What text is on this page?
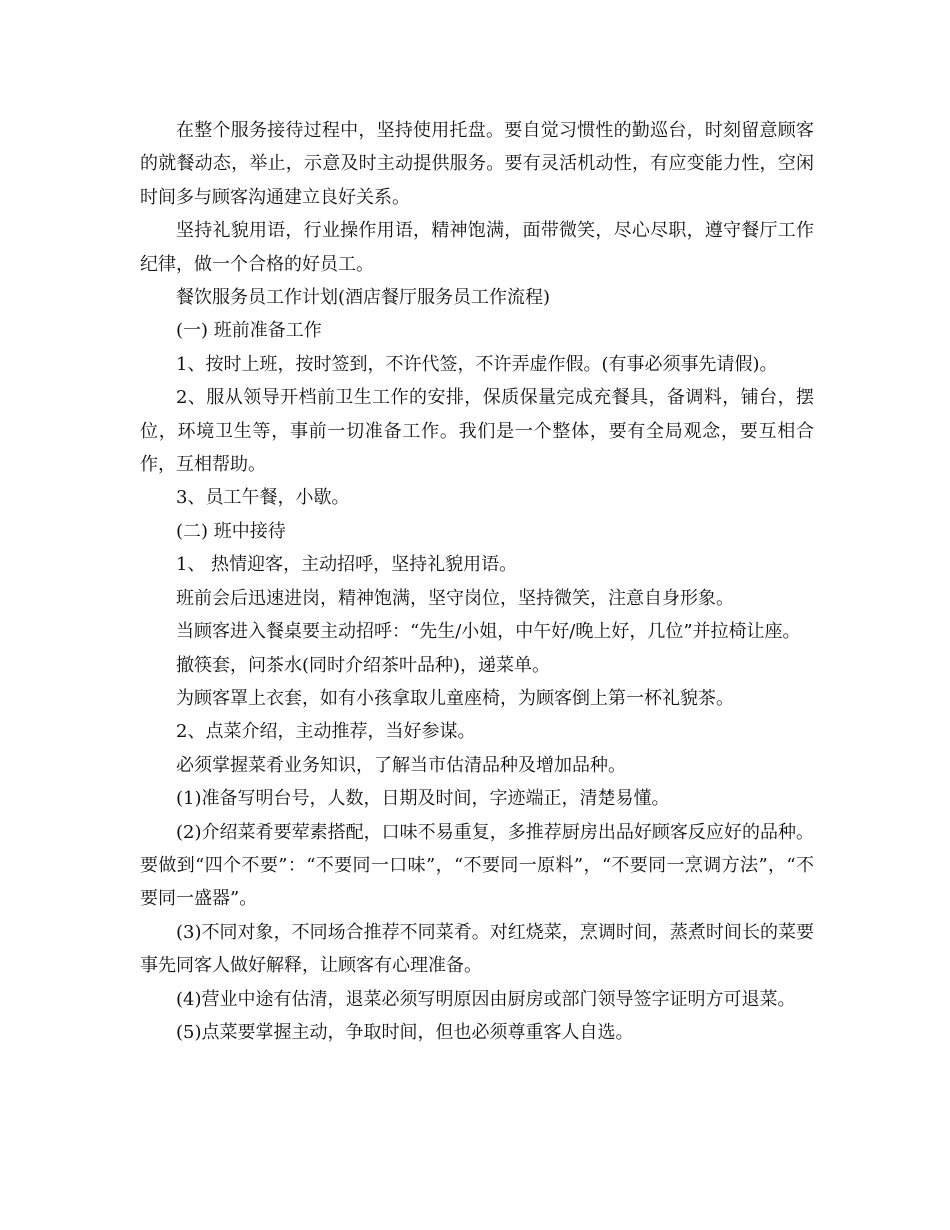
在整个服务接待过程中，坚持使用托盘。要自觉习惯性的勤巡台，时刻留意顾客的就餐动态，举止，示意及时主动提供服务。要有灵活机动性，有应变能力性，空闲时间多与顾客沟通建立良好关系。

坚持礼貌用语，行业操作用语，精神饱满，面带微笑，尽心尽职，遵守餐厅工作纪律，做一个合格的好员工。

餐饮服务员工作计划(酒店餐厅服务员工作流程)

(一) 班前准备工作

1、按时上班，按时签到，不许代签，不许弄虚作假。(有事必须事先请假)。

2、服从领导开档前卫生工作的安排，保质保量完成充餐具，备调料，铺台，摆位，环境卫生等，事前一切准备工作。我们是一个整体，要有全局观念，要互相合作，互相帮助。

3、员工午餐，小歇。

(二) 班中接待

1、 热情迎客，主动招呼，坚持礼貌用语。

班前会后迅速进岗，精神饱满，坚守岗位，坚持微笑，注意自身形象。

当顾客进入餐桌要主动招呼：“先生/小姐，中午好/晚上好，几位”并拉椅让座。

撤筷套，问茶水(同时介绍茶叶品种)，递菜单。

为顾客罩上衣套，如有小孩拿取儿童座椅，为顾客倒上第一杯礼貌茶。

2、点菜介绍，主动推荐，当好参谋。

必须掌握菜肴业务知识，了解当市估清品种及增加品种。

(1)准备写明台号，人数，日期及时间，字迹端正，清楚易懂。

(2)介绍菜肴要荤素搭配，口味不易重复，多推荐厨房出品好顾客反应好的品种。要做到“四个不要”：“不要同一口味”，“不要同一原料”，“不要同一烹调方法”，“不要同一盛器”。

(3)不同对象，不同场合推荐不同菜肴。对红烧菜，烹调时间，蒸煮时间长的菜要事先同客人做好解释，让顾客有心理准备。

(4)营业中途有估清，退菜必须写明原因由厨房或部门领导签字证明方可退菜。

(5)点菜要掌握主动，争取时间，但也必须尊重客人自选。
